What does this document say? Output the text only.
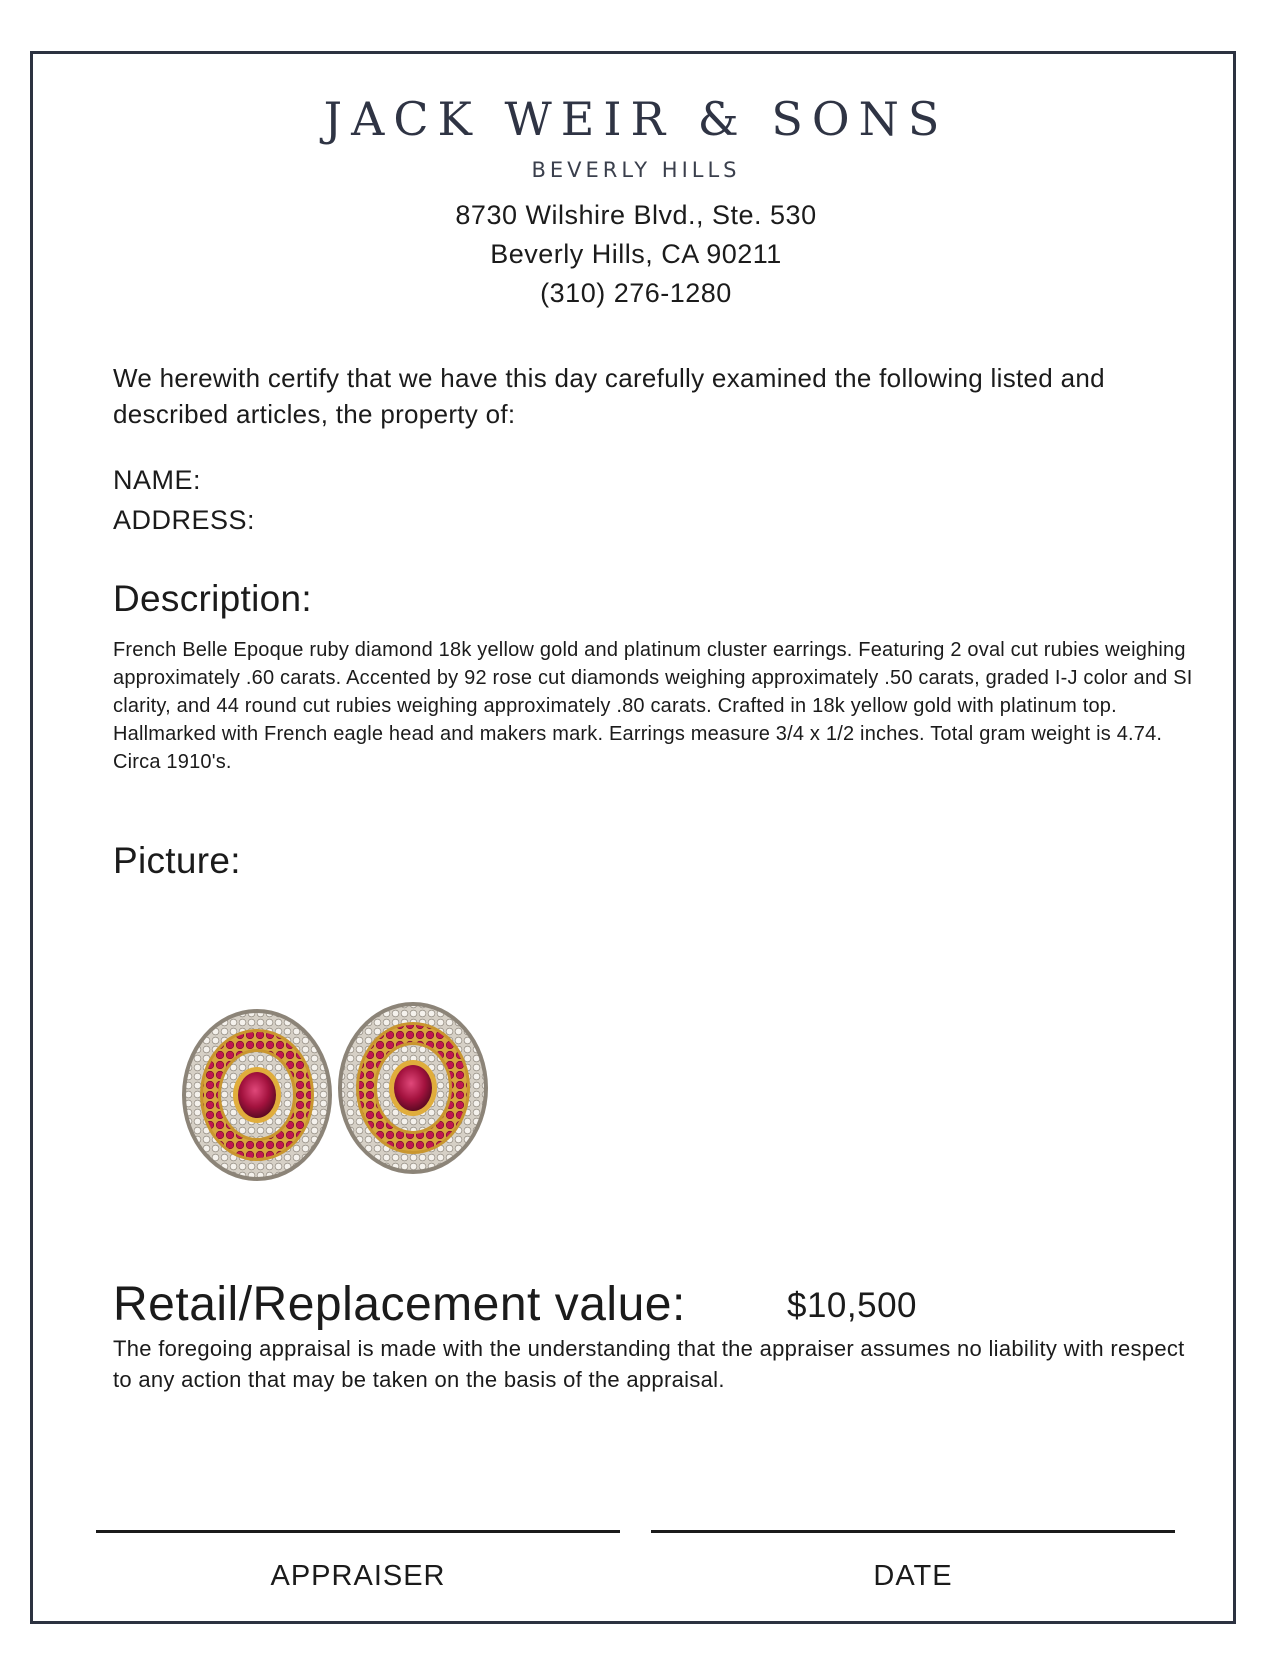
JACK WEIR & SONS
BEVERLY HILLS
8730 Wilshire Blvd., Ste. 530
Beverly Hills, CA 90211
(310) 276-1280
We herewith certify that we have this day carefully examined the following listed and described articles, the property of:
NAME:
ADDRESS:
Description:
French Belle Epoque ruby diamond 18k yellow gold and platinum cluster earrings. Featuring 2 oval cut rubies weighing approximately .60 carats. Accented by 92 rose cut diamonds weighing approximately .50 carats, graded I-J color and SI clarity, and 44 round cut rubies weighing approximately .80 carats. Crafted in 18k yellow gold with platinum top. Hallmarked with French eagle head and makers mark. Earrings measure 3/4 x 1/2 inches. Total gram weight is 4.74. Circa 1910's.
Picture:
Retail/Replacement value:	$10,500
The foregoing appraisal is made with the understanding that the appraiser assumes no liability with respect to any action that may be taken on the basis of the appraisal.
APPRAISER	DATE
